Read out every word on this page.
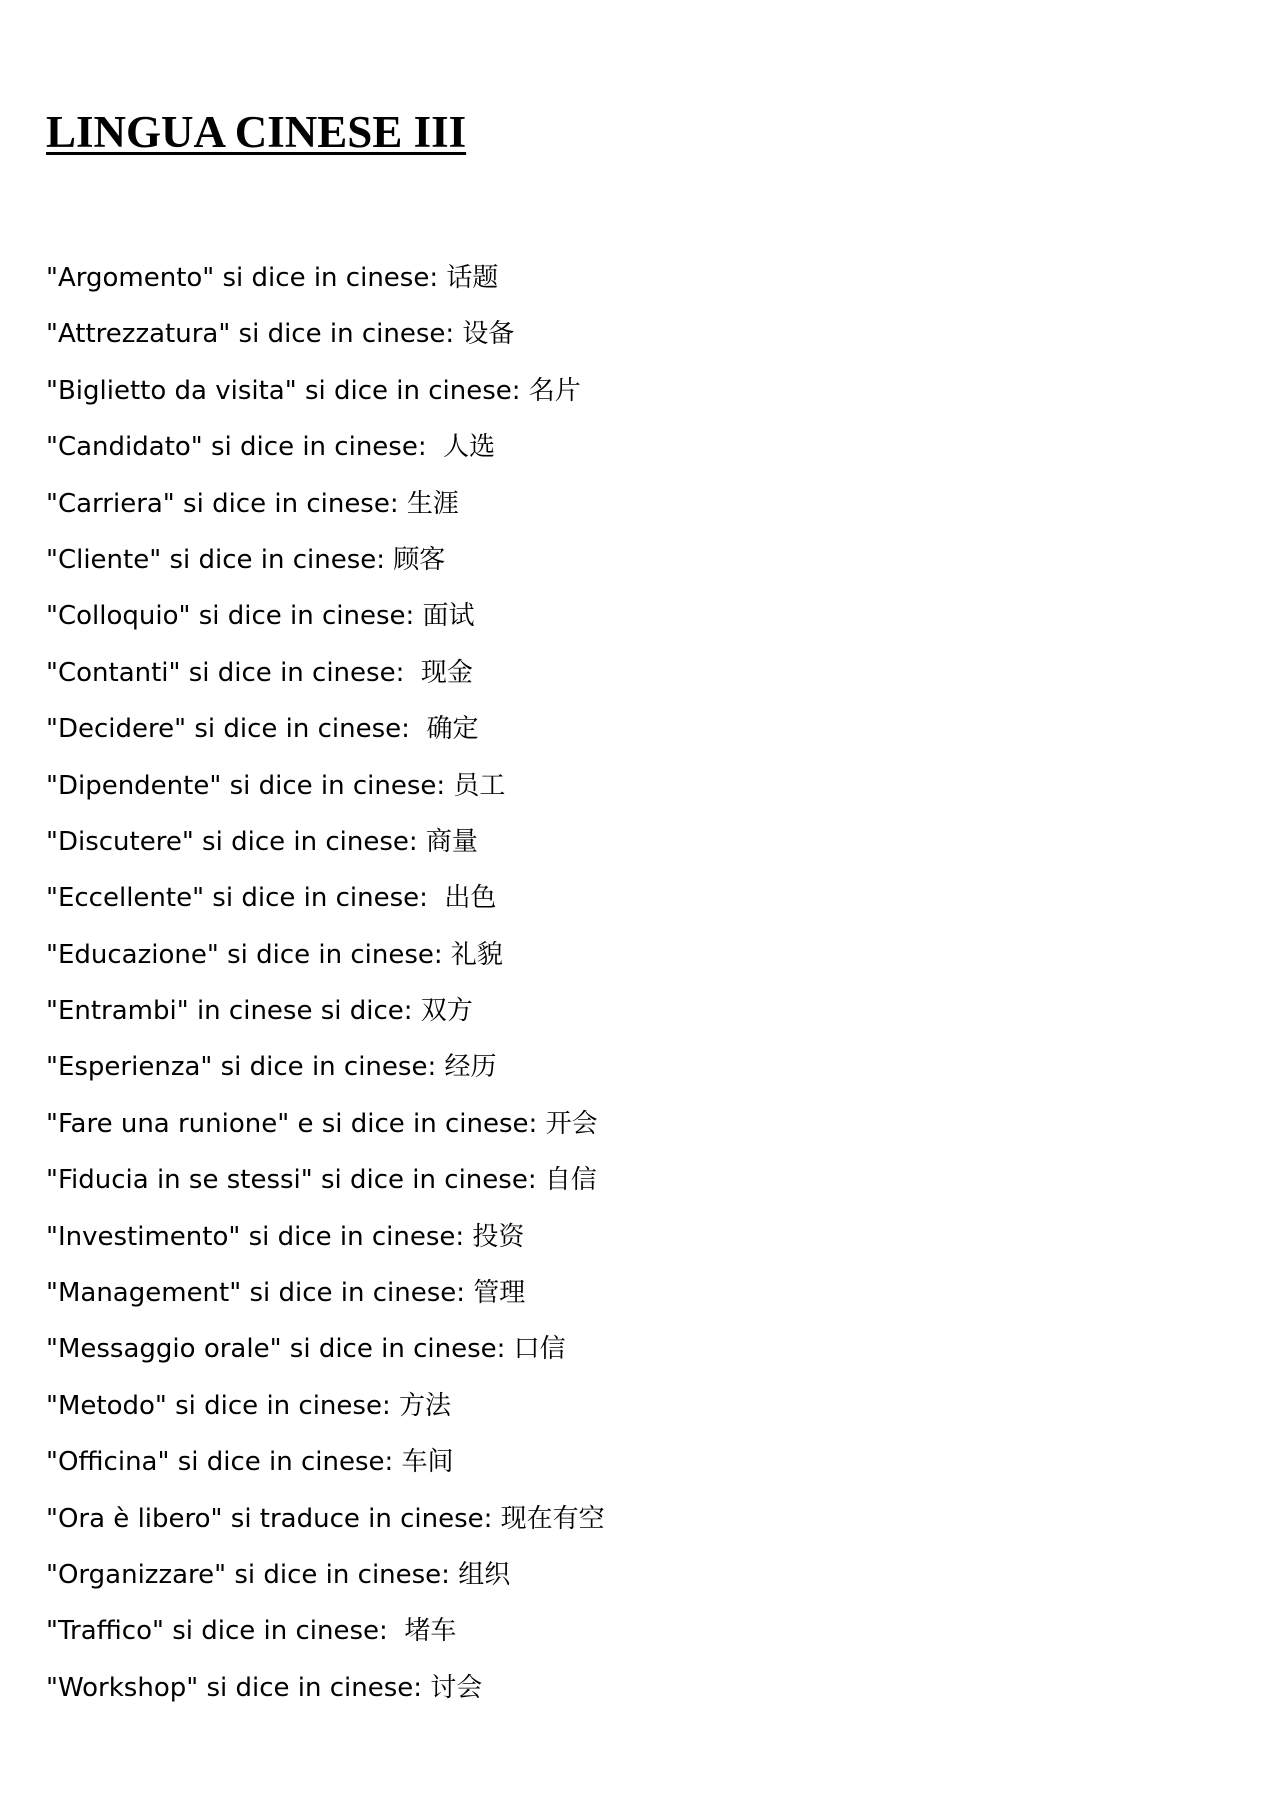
LINGUA CINESE III
"Argomento" si dice in cinese: 话题
"Attrezzatura" si dice in cinese: 设备
"Biglietto da visita" si dice in cinese: 名片
"Candidato" si dice in cinese:  人选
"Carriera" si dice in cinese: 生涯
"Cliente" si dice in cinese: 顾客
"Colloquio" si dice in cinese: 面试
"Contanti" si dice in cinese:  现金
"Decidere" si dice in cinese:  确定
"Dipendente" si dice in cinese: 员工
"Discutere" si dice in cinese: 商量
"Eccellente" si dice in cinese:  出色
"Educazione" si dice in cinese: 礼貌
"Entrambi" in cinese si dice: 双方
"Esperienza" si dice in cinese: 经历
"Fare una runione" e si dice in cinese: 开会
"Fiducia in se stessi" si dice in cinese: 自信
"Investimento" si dice in cinese: 投资
"Management" si dice in cinese: 管理
"Messaggio orale" si dice in cinese: 口信
"Metodo" si dice in cinese: 方法
"Officina" si dice in cinese: 车间
"Ora è libero" si traduce in cinese: 现在有空
"Organizzare" si dice in cinese: 组织
"Traffico" si dice in cinese:  堵车
"Workshop" si dice in cinese: 讨会
